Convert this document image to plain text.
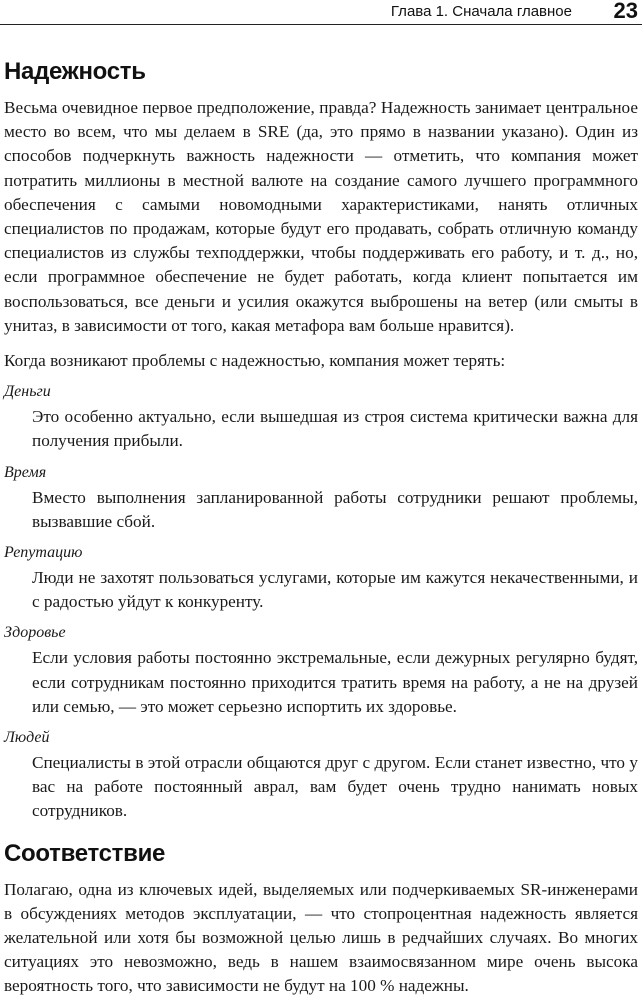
Глава 1. Сначала главное 23
Надежность

Весьма очевидное первое предположение, правда? Надежность занимает центральное место во всем, что мы делаем в SRE (да, это прямо в названии указано). Один из способов подчеркнуть важность надежности — отметить, что компания может потратить миллионы в местной валюте на создание самого лучшего программного обеспечения с самыми новомодными характеристиками, нанять отличных специалистов по продажам, которые будут его продавать, собрать отличную команду специалистов из службы техподдержки, чтобы поддерживать его работу, и т. д., но, если программное обеспечение не будет работать, когда клиент попытается им воспользоваться, все деньги и усилия окажутся выброшены на ветер (или смыты в унитаз, в зависимости от того, какая метафора вам больше нравится).

Когда возникают проблемы с надежностью, компания может терять:

Деньги

Это особенно актуально, если вышедшая из строя система критически важна для получения прибыли.

Время

Вместо выполнения запланированной работы сотрудники решают проблемы, вызвавшие сбой.

Репутацию

Люди не захотят пользоваться услугами, которые им кажутся некачественными, и с радостью уйдут к конкуренту.

Здоровье

Если условия работы постоянно экстремальные, если дежурных регулярно будят, если сотрудникам постоянно приходится тратить время на работу, а не на друзей или семью, — это может серьезно испортить их здоровье.

Людей

Специалисты в этой отрасли общаются друг с другом. Если станет известно, что у вас на работе постоянный аврал, вам будет очень трудно нанимать новых сотрудников.

Соответствие

Полагаю, одна из ключевых идей, выделяемых или подчеркиваемых SR-инженерами в обсуждениях методов эксплуатации, — что стопроцентная надежность является желательной или хотя бы возможной целью лишь в редчайших случаях. Во многих ситуациях это невозможно, ведь в нашем взаимосвязанном мире очень высока вероятность того, что зависимости не будут на 100 % надежны.
